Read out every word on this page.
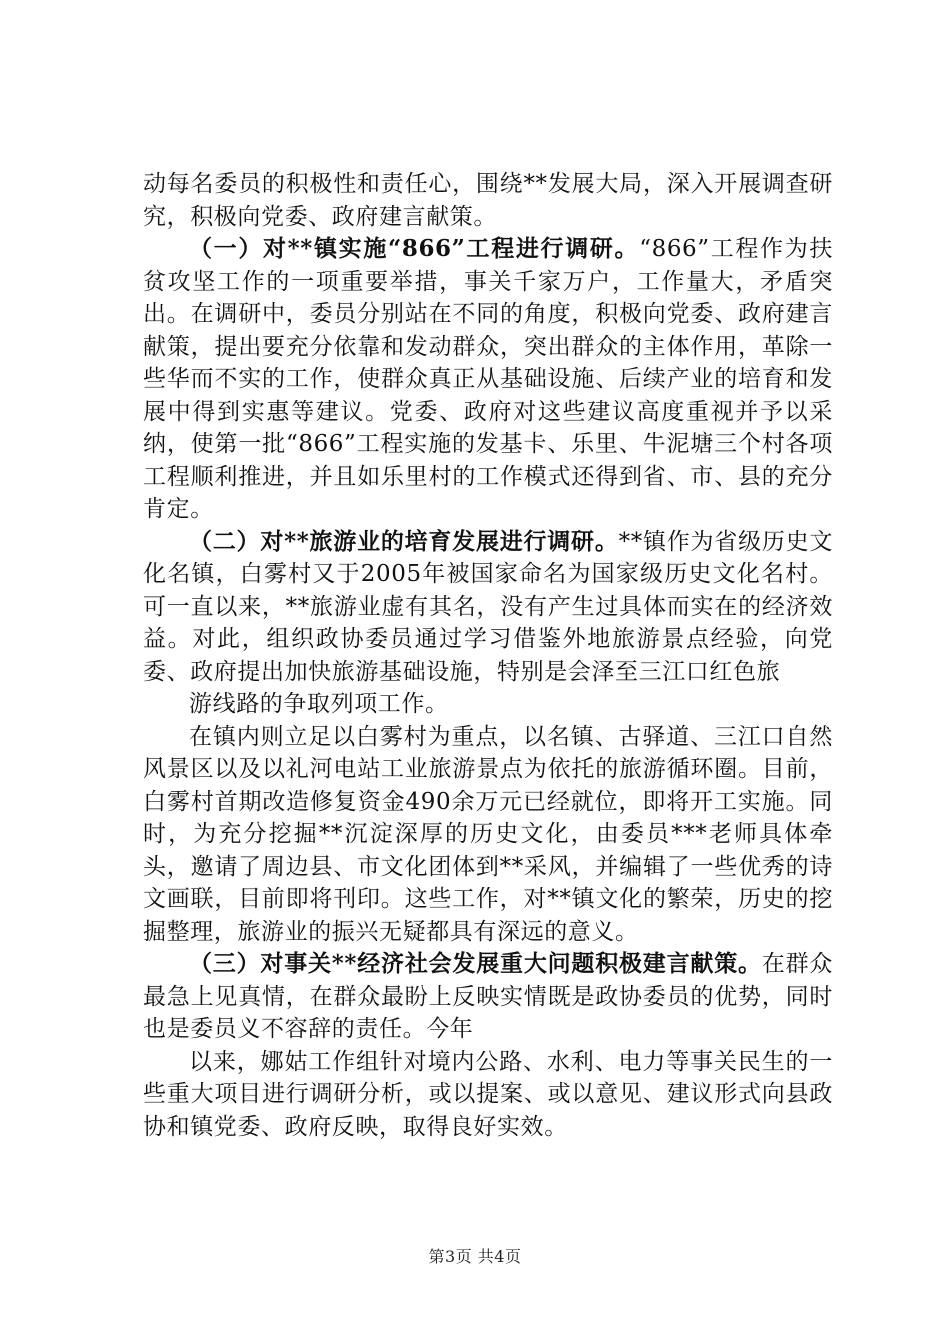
动每名委员的积极性和责任心，围绕**发展大局，深入开展调查研究，积极向党委、政府建言献策。

（一）对**镇实施“866”工程进行调研。“866”工程作为扶贫攻坚工作的一项重要举措，事关千家万户，工作量大，矛盾突出。在调研中，委员分别站在不同的角度，积极向党委、政府建言献策，提出要充分依靠和发动群众，突出群众的主体作用，革除一些华而不实的工作，使群众真正从基础设施、后续产业的培育和发展中得到实惠等建议。党委、政府对这些建议高度重视并予以采纳，使第一批“866”工程实施的发基卡、乐里、牛泥塘三个村各项工程顺利推进，并且如乐里村的工作模式还得到省、市、县的充分肯定。

（二）对**旅游业的培育发展进行调研。**镇作为省级历史文化名镇，白雾村又于2005年被国家命名为国家级历史文化名村。可一直以来，**旅游业虚有其名，没有产生过具体而实在的经济效益。对此，组织政协委员通过学习借鉴外地旅游景点经验，向党委、政府提出加快旅游基础设施，特别是会泽至三江口红色旅

游线路的争取列项工作。

在镇内则立足以白雾村为重点，以名镇、古驿道、三江口自然风景区以及以礼河电站工业旅游景点为依托的旅游循环圈。目前，白雾村首期改造修复资金490余万元已经就位，即将开工实施。同时，为充分挖掘**沉淀深厚的历史文化，由委员***老师具体牵头，邀请了周边县、市文化团体到**采风，并编辑了一些优秀的诗文画联，目前即将刊印。这些工作，对**镇文化的繁荣，历史的挖掘整理，旅游业的振兴无疑都具有深远的意义。

（三）对事关**经济社会发展重大问题积极建言献策。在群众最急上见真情，在群众最盼上反映实情既是政协委员的优势，同时也是委员义不容辞的责任。今年

以来，娜姑工作组针对境内公路、水利、电力等事关民生的一些重大项目进行调研分析，或以提案、或以意见、建议形式向县政协和镇党委、政府反映，取得良好实效。

第3页 共4页
